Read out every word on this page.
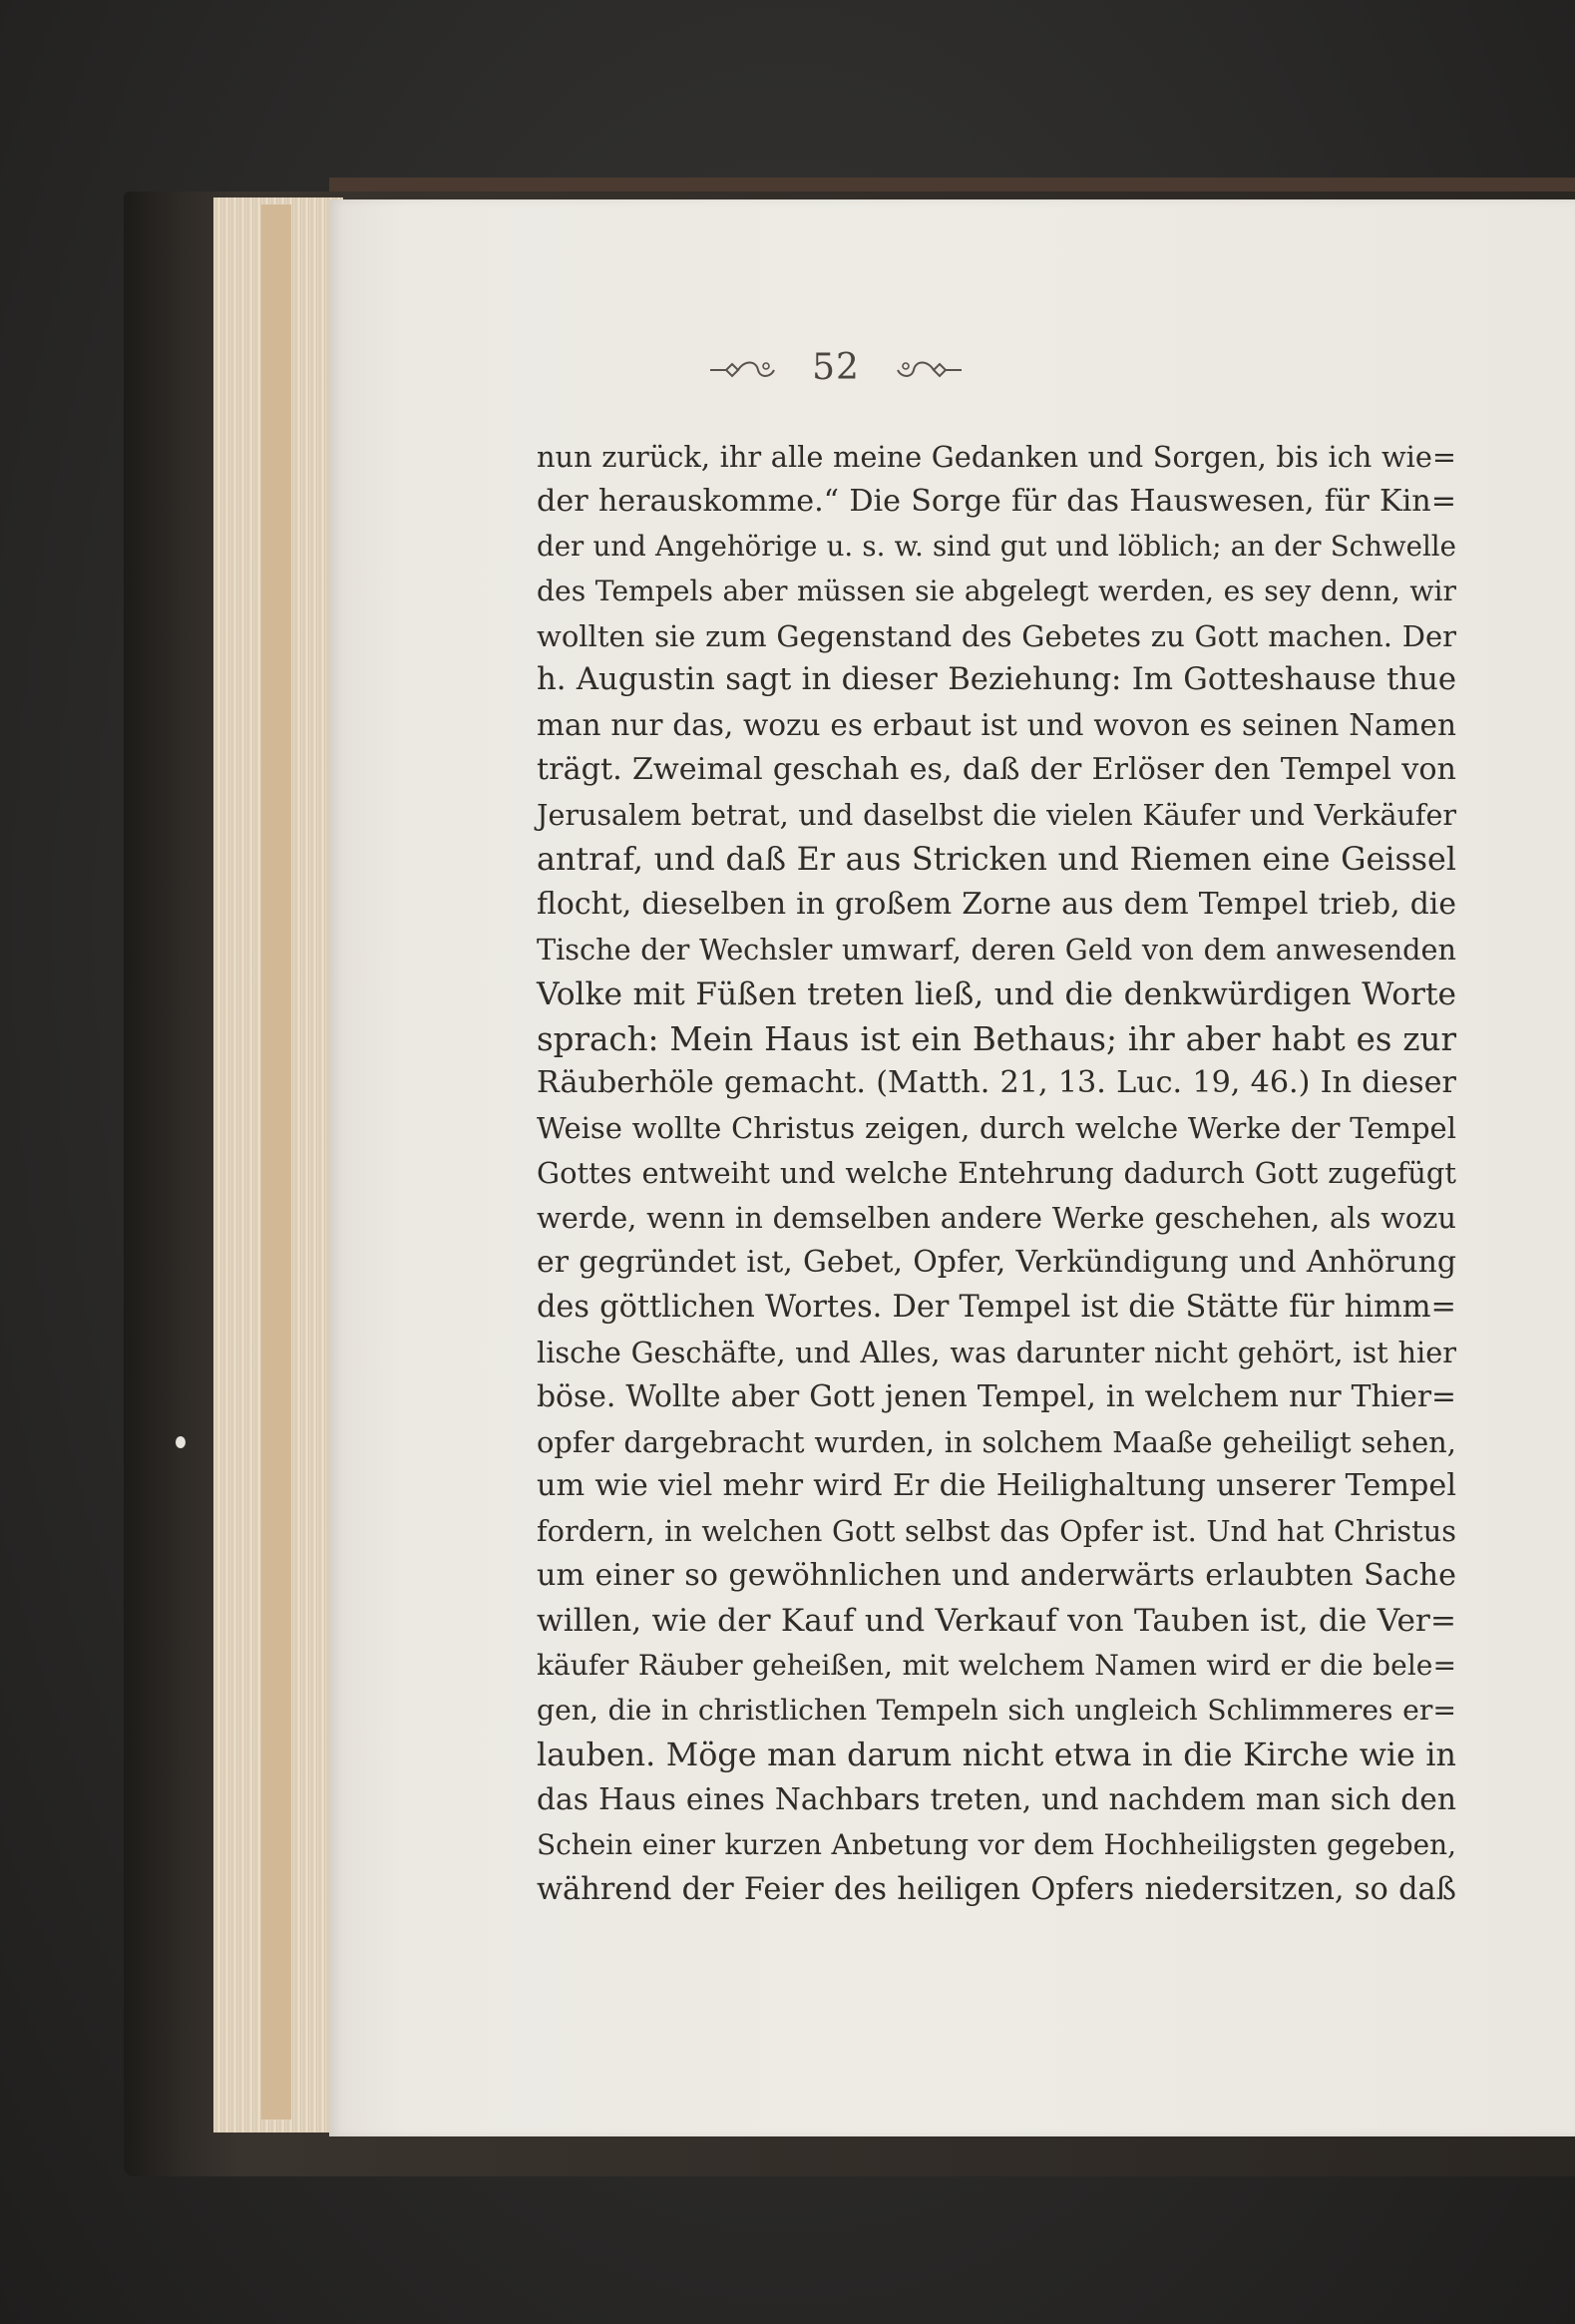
52
nun zurück, ihr alle meine Gedanken und Sorgen, bis ich wie=
der herauskomme.“ Die Sorge für das Hauswesen, für Kin=
der und Angehörige u. s. w. sind gut und löblich; an der Schwelle
des Tempels aber müssen sie abgelegt werden, es sey denn, wir
wollten sie zum Gegenstand des Gebetes zu Gott machen. Der
h. Augustin sagt in dieser Beziehung: Im Gotteshause thue
man nur das, wozu es erbaut ist und wovon es seinen Namen
trägt. Zweimal geschah es, daß der Erlöser den Tempel von
Jerusalem betrat, und daselbst die vielen Käufer und Verkäufer
antraf, und daß Er aus Stricken und Riemen eine Geissel
flocht, dieselben in großem Zorne aus dem Tempel trieb, die
Tische der Wechsler umwarf, deren Geld von dem anwesenden
Volke mit Füßen treten ließ, und die denkwürdigen Worte
sprach: Mein Haus ist ein Bethaus; ihr aber habt es zur
Räuberhöle gemacht. (Matth. 21, 13. Luc. 19, 46.) In dieser
Weise wollte Christus zeigen, durch welche Werke der Tempel
Gottes entweiht und welche Entehrung dadurch Gott zugefügt
werde, wenn in demselben andere Werke geschehen, als wozu
er gegründet ist, Gebet, Opfer, Verkündigung und Anhörung
des göttlichen Wortes. Der Tempel ist die Stätte für himm=
lische Geschäfte, und Alles, was darunter nicht gehört, ist hier
böse. Wollte aber Gott jenen Tempel, in welchem nur Thier=
opfer dargebracht wurden, in solchem Maaße geheiligt sehen,
um wie viel mehr wird Er die Heilighaltung unserer Tempel
fordern, in welchen Gott selbst das Opfer ist. Und hat Christus
um einer so gewöhnlichen und anderwärts erlaubten Sache
willen, wie der Kauf und Verkauf von Tauben ist, die Ver=
käufer Räuber geheißen, mit welchem Namen wird er die bele=
gen, die in christlichen Tempeln sich ungleich Schlimmeres er=
lauben. Möge man darum nicht etwa in die Kirche wie in
das Haus eines Nachbars treten, und nachdem man sich den
Schein einer kurzen Anbetung vor dem Hochheiligsten gegeben,
während der Feier des heiligen Opfers niedersitzen, so daß
